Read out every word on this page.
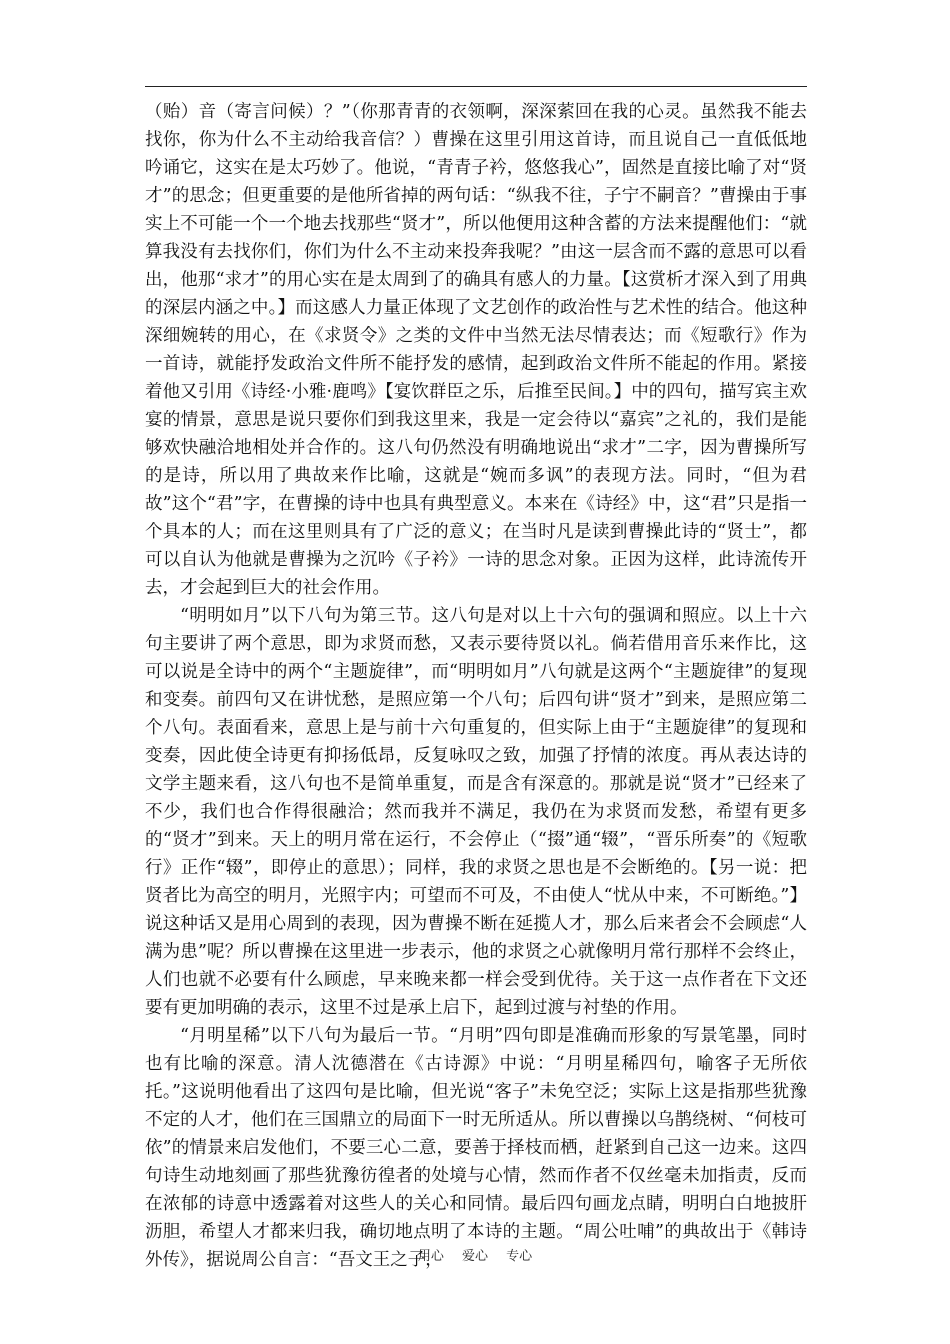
（贻）音（寄言问候）？”（你那青青的衣领啊，深深萦回在我的心灵。虽然我不能去找你，你为什么不主动给我音信？）曹操在这里引用这首诗，而且说自己一直低低地吟诵它，这实在是太巧妙了。他说，“青青子衿，悠悠我心”，固然是直接比喻了对“贤才”的思念；但更重要的是他所省掉的两句话：“纵我不往，子宁不嗣音？”曹操由于事实上不可能一个一个地去找那些“贤才”，所以他便用这种含蓄的方法来提醒他们：“就算我没有去找你们，你们为什么不主动来投奔我呢？”由这一层含而不露的意思可以看出，他那“求才”的用心实在是太周到了的确具有感人的力量。【这赏析才深入到了用典的深层内涵之中。】而这感人力量正体现了文艺创作的政治性与艺术性的结合。他这种深细婉转的用心，在《求贤令》之类的文件中当然无法尽情表达；而《短歌行》作为一首诗，就能抒发政治文件所不能抒发的感情，起到政治文件所不能起的作用。紧接着他又引用《诗经·小雅·鹿鸣》【宴饮群臣之乐，后推至民间。】中的四句，描写宾主欢宴的情景，意思是说只要你们到我这里来，我是一定会待以“嘉宾”之礼的，我们是能够欢快融洽地相处并合作的。这八句仍然没有明确地说出“求才”二字，因为曹操所写的是诗，所以用了典故来作比喻，这就是“婉而多讽”的表现方法。同时，“但为君故”这个“君”字，在曹操的诗中也具有典型意义。本来在《诗经》中，这“君”只是指一个具本的人；而在这里则具有了广泛的意义；在当时凡是读到曹操此诗的“贤士”，都可以自认为他就是曹操为之沉吟《子衿》一诗的思念对象。正因为这样，此诗流传开去，才会起到巨大的社会作用。

“明明如月”以下八句为第三节。这八句是对以上十六句的强调和照应。以上十六句主要讲了两个意思，即为求贤而愁，又表示要待贤以礼。倘若借用音乐来作比，这可以说是全诗中的两个“主题旋律”，而“明明如月”八句就是这两个“主题旋律”的复现和变奏。前四句又在讲忧愁，是照应第一个八句；后四句讲“贤才”到来，是照应第二个八句。表面看来，意思上是与前十六句重复的，但实际上由于“主题旋律”的复现和变奏，因此使全诗更有抑扬低昂，反复咏叹之致，加强了抒情的浓度。再从表达诗的文学主题来看，这八句也不是简单重复，而是含有深意的。那就是说“贤才”已经来了不少，我们也合作得很融洽；然而我并不满足，我仍在为求贤而发愁，希望有更多的“贤才”到来。天上的明月常在运行，不会停止（“掇”通“辍”，“晋乐所奏”的《短歌行》正作“辍”，即停止的意思）；同样，我的求贤之思也是不会断绝的。【另一说：把贤者比为高空的明月，光照宇内；可望而不可及，不由使人“忧从中来，不可断绝。”】说这种话又是用心周到的表现，因为曹操不断在延揽人才，那么后来者会不会顾虑“人满为患”呢？所以曹操在这里进一步表示，他的求贤之心就像明月常行那样不会终止，人们也就不必要有什么顾虑，早来晚来都一样会受到优待。关于这一点作者在下文还要有更加明确的表示，这里不过是承上启下，起到过渡与衬垫的作用。

“月明星稀”以下八句为最后一节。“月明”四句即是准确而形象的写景笔墨，同时也有比喻的深意。清人沈德潜在《古诗源》中说：“月明星稀四句，喻客子无所依托。”这说明他看出了这四句是比喻，但光说“客子”未免空泛；实际上这是指那些犹豫不定的人才，他们在三国鼎立的局面下一时无所适从。所以曹操以乌鹊绕树、“何枝可依”的情景来启发他们，不要三心二意，要善于择枝而栖，赶紧到自己这一边来。这四句诗生动地刻画了那些犹豫彷徨者的处境与心情，然而作者不仅丝毫未加指责，反而在浓郁的诗意中透露着对这些人的关心和同情。最后四句画龙点睛，明明白白地披肝沥胆，希望人才都来归我，确切地点明了本诗的主题。“周公吐哺”的典故出于《韩诗外传》，据说周公自言：“吾文王之子，

用心 爱心 专心
